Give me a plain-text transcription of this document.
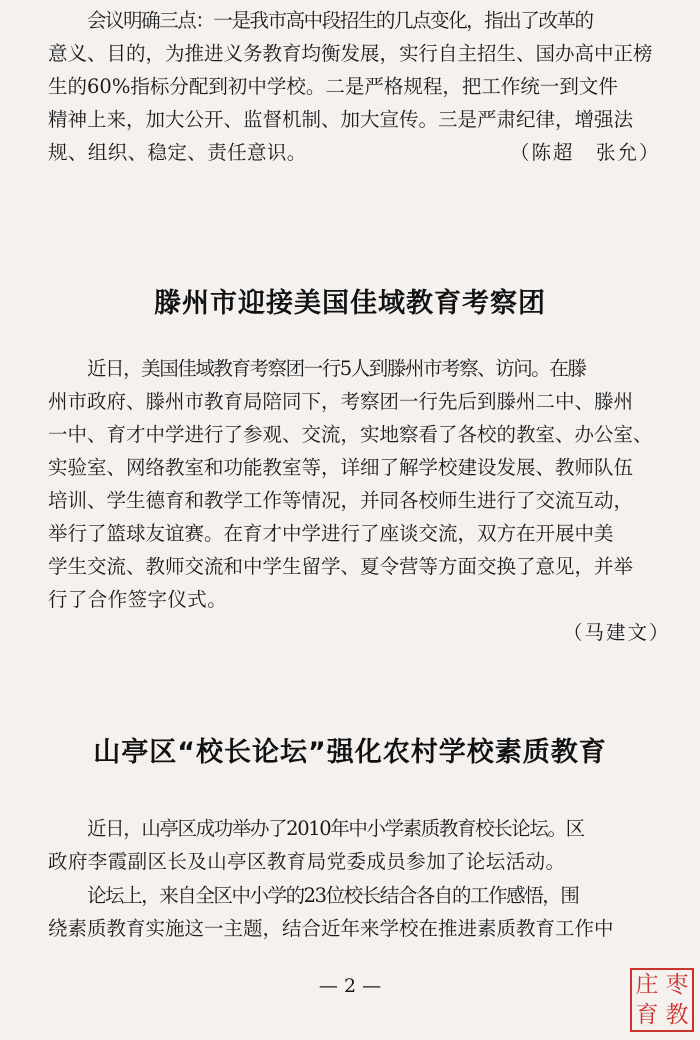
会议明确三点：一是我市高中段招生的几点变化，指出了改革的
意义、目的，为推进义务教育均衡发展，实行自主招生、国办高中正榜
生的60%指标分配到初中学校。二是严格规程，把工作统一到文件
精神上来，加大公开、监督机制、加大宣传。三是严肃纪律，增强法
规、组织、稳定、责任意识。	（陈超　张允）
滕州市迎接美国佳域教育考察团
近日，美国佳域教育考察团一行5人到滕州市考察、访问。在滕
州市政府、滕州市教育局陪同下，考察团一行先后到滕州二中、滕州
一中、育才中学进行了参观、交流，实地察看了各校的教室、办公室、
实验室、网络教室和功能教室等，详细了解学校建设发展、教师队伍
培训、学生德育和教学工作等情况，并同各校师生进行了交流互动，
举行了篮球友谊赛。在育才中学进行了座谈交流，双方在开展中美
学生交流、教师交流和中学生留学、夏令营等方面交换了意见，并举
行了合作签字仪式。
（马建文）
山亭区“校长论坛”强化农村学校素质教育
近日，山亭区成功举办了2010年中小学素质教育校长论坛。区
政府李霞副区长及山亭区教育局党委成员参加了论坛活动。
论坛上，来自全区中小学的23位校长结合各自的工作感悟，围
绕素质教育实施这一主题，结合近年来学校在推进素质教育工作中
— 2 —	庄 枣
育 教
